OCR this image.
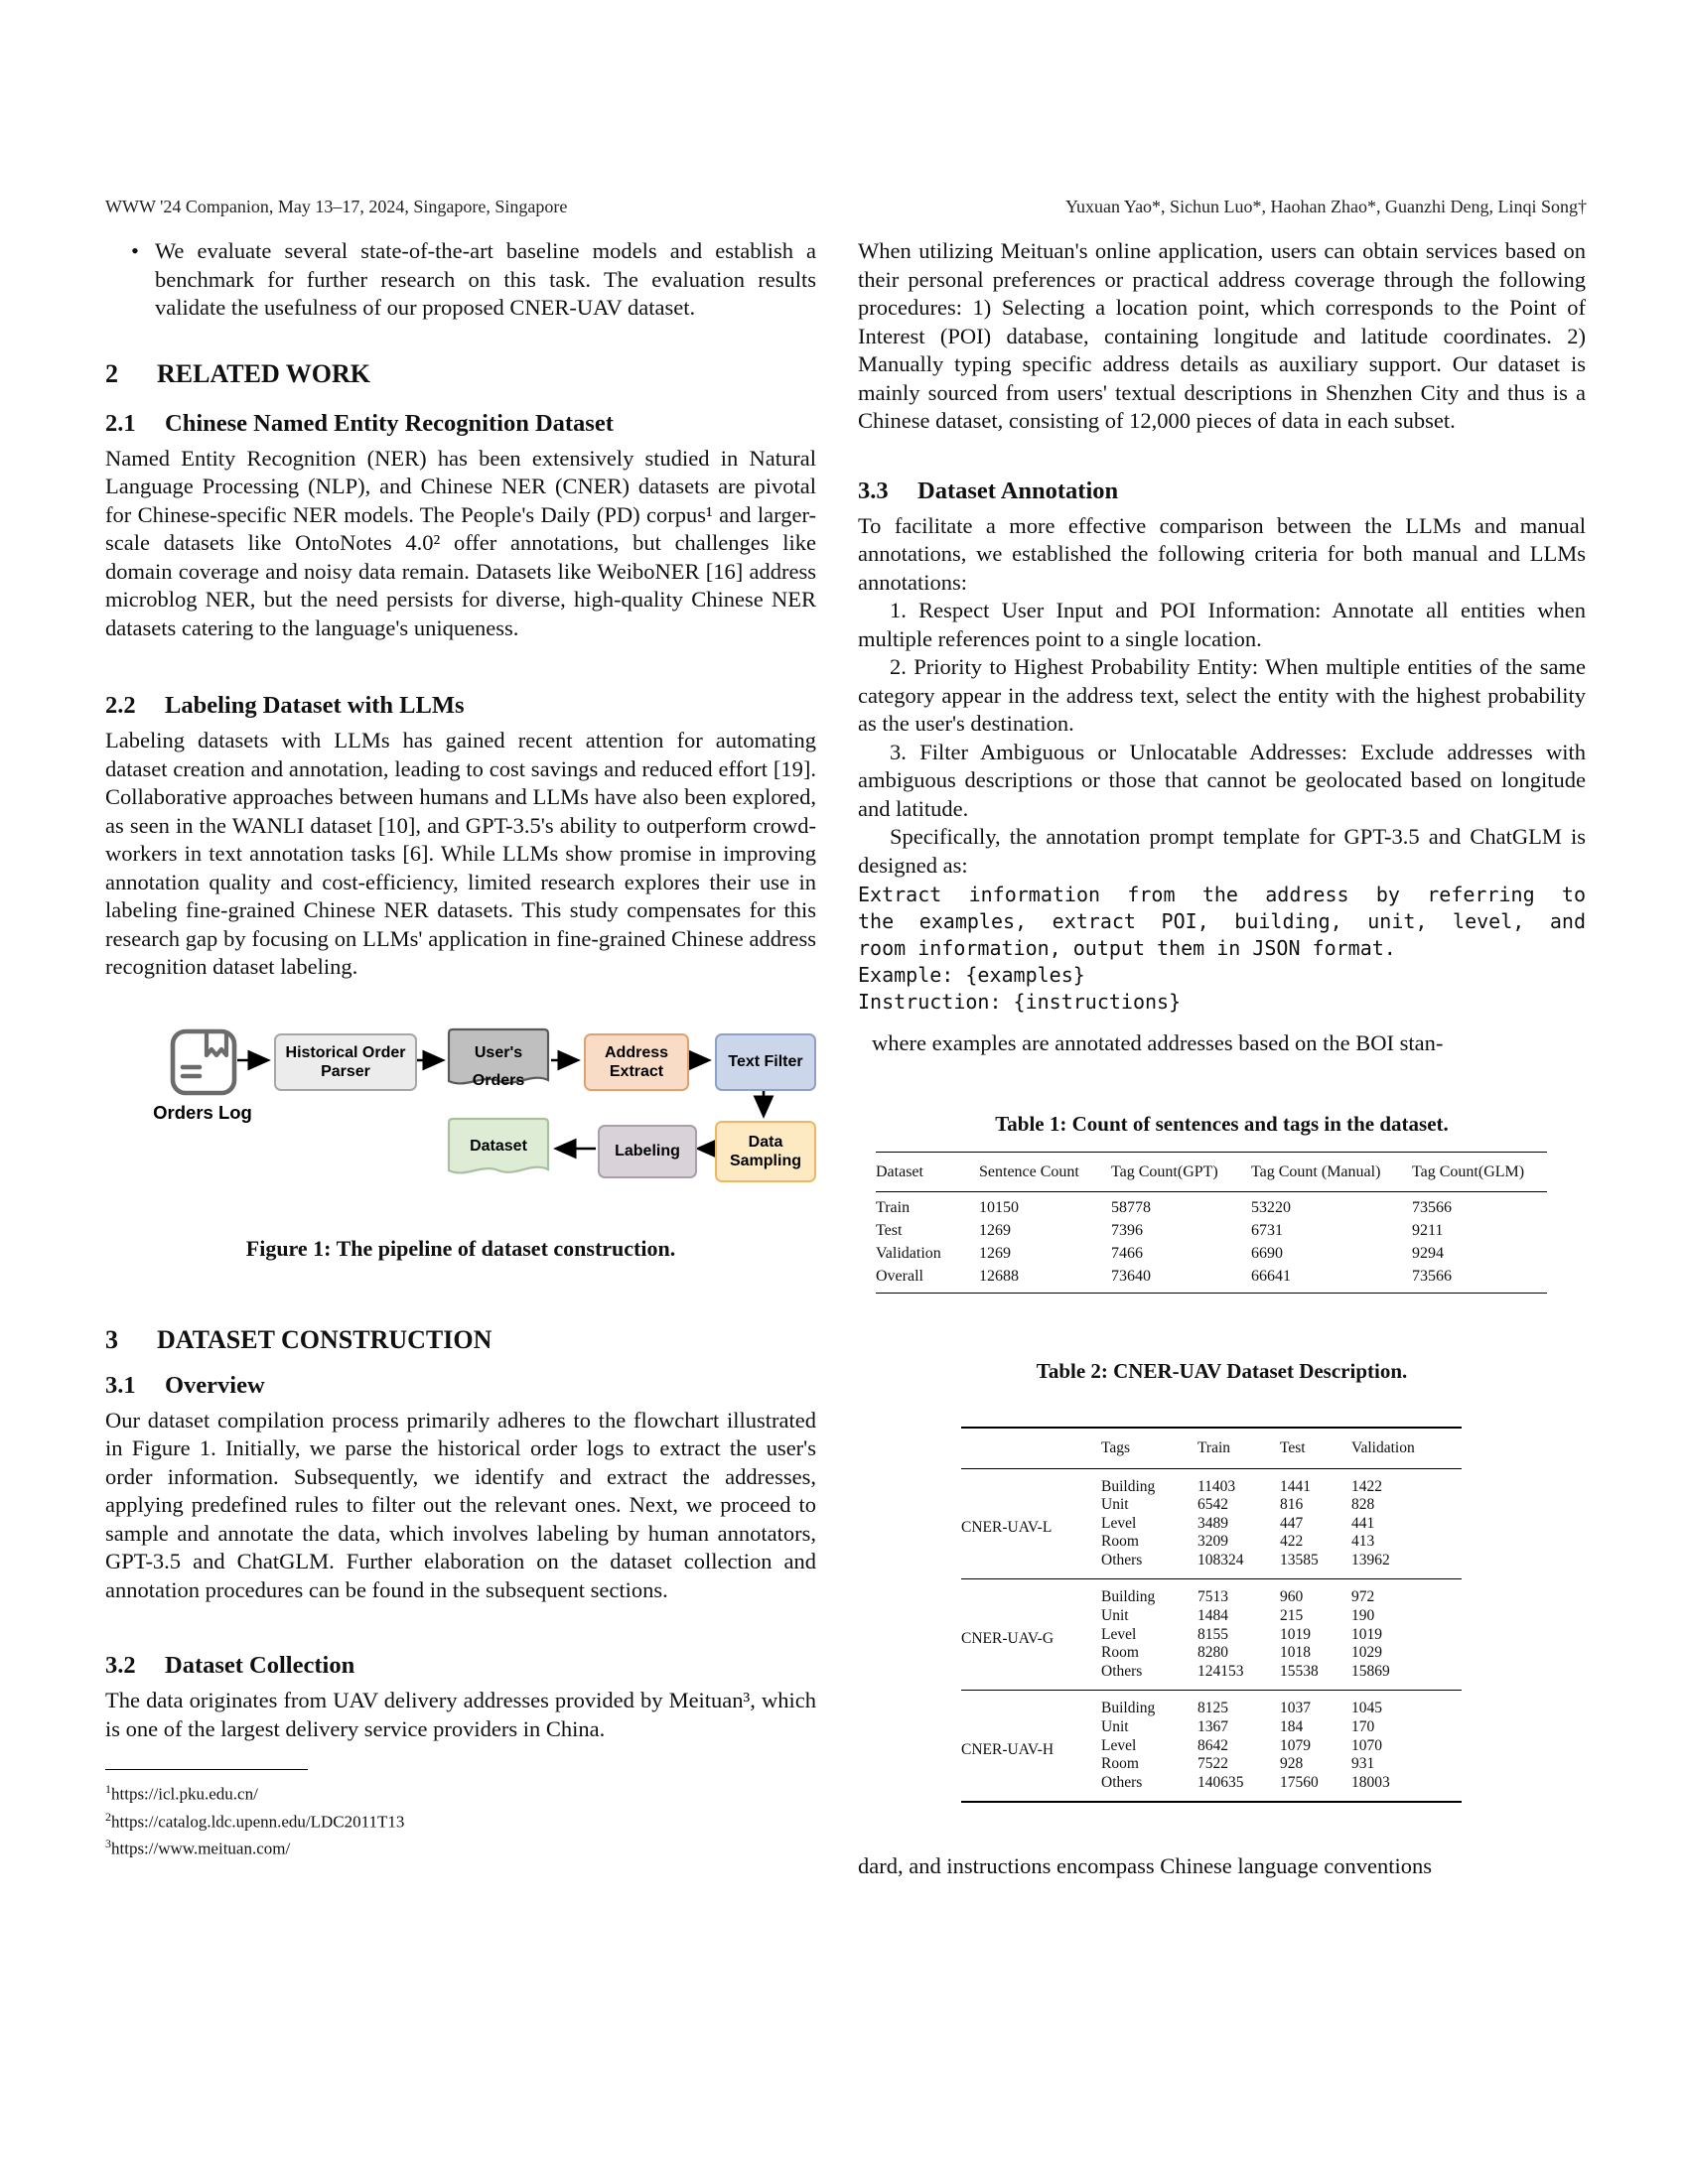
WWW '24 Companion, May 13–17, 2024, Singapore, Singapore	Yuxuan Yao*, Sichun Luo*, Haohan Zhao*, Guanzhi Deng, Linqi Song†
• We evaluate several state-of-the-art baseline models and establish a benchmark for further research on this task. The evaluation results validate the usefulness of our proposed CNER-UAV dataset.

2 RELATED WORK
2.1 Chinese Named Entity Recognition Dataset

Named Entity Recognition (NER) has been extensively studied in Natural Language Processing (NLP), and Chinese NER (CNER) datasets are pivotal for Chinese-specific NER models. The People's Daily (PD) corpus¹ and larger-scale datasets like OntoNotes 4.0² offer annotations, but challenges like domain coverage and noisy data remain. Datasets like WeiboNER [16] address microblog NER, but the need persists for diverse, high-quality Chinese NER datasets catering to the language's uniqueness.

2.2 Labeling Dataset with LLMs

Labeling datasets with LLMs has gained recent attention for automating dataset creation and annotation, leading to cost savings and reduced effort [19]. Collaborative approaches between humans and LLMs have also been explored, as seen in the WANLI dataset [10], and GPT-3.5's ability to outperform crowd-workers in text annotation tasks [6]. While LLMs show promise in improving annotation quality and cost-efficiency, limited research explores their use in labeling fine-grained Chinese NER datasets. This study compensates for this research gap by focusing on LLMs' application in fine-grained Chinese address recognition dataset labeling.

Orders Log
Historical Order Parser
User's Orders
Address Extract
Text Filter
Data Sampling
Labeling
Dataset

Figure 1: The pipeline of dataset construction.

3 DATASET CONSTRUCTION
3.1 Overview

Our dataset compilation process primarily adheres to the flowchart illustrated in Figure 1. Initially, we parse the historical order logs to extract the user's order information. Subsequently, we identify and extract the addresses, applying predefined rules to filter out the relevant ones. Next, we proceed to sample and annotate the data, which involves labeling by human annotators, GPT-3.5 and ChatGLM. Further elaboration on the dataset collection and annotation procedures can be found in the subsequent sections.

3.2 Dataset Collection

The data originates from UAV delivery addresses provided by Meituan³, which is one of the largest delivery service providers in China.

$^1$https://icl.pku.edu.cn/
$^2$https://catalog.ldc.upenn.edu/LDC2011T13
$^3$https://www.meituan.com/

When utilizing Meituan's online application, users can obtain services based on their personal preferences or practical address coverage through the following procedures: 1) Selecting a location point, which corresponds to the Point of Interest (POI) database, containing longitude and latitude coordinates. 2) Manually typing specific address details as auxiliary support. Our dataset is mainly sourced from users' textual descriptions in Shenzhen City and thus is a Chinese dataset, consisting of 12,000 pieces of data in each subset.

3.3 Dataset Annotation

To facilitate a more effective comparison between the LLMs and manual annotations, we established the following criteria for both manual and LLMs annotations:

1. Respect User Input and POI Information: Annotate all entities when multiple references point to a single location.

2. Priority to Highest Probability Entity: When multiple entities of the same category appear in the address text, select the entity with the highest probability as the user's destination.

3. Filter Ambiguous or Unlocatable Addresses: Exclude addresses with ambiguous descriptions or those that cannot be geolocated based on longitude and latitude.

Specifically, the annotation prompt template for GPT-3.5 and ChatGLM is designed as:

Extract information from the address by referring to
the examples, extract POI, building, unit, level, and
room information, output them in JSON format.
Example: {examples}
Instruction: {instructions}

where examples are annotated addresses based on the BOI stan-

Table 1: Count of sentences and tags in the dataset.

Dataset	Sentence Count	Tag Count(GPT)	Tag Count (Manual)	Tag Count(GLM)
Train	10150	58778	53220	73566
Test	1269	7396	6731	9211
Validation	1269	7466	6690	9294
Overall	12688	73640	66641	73566

Table 2: CNER-UAV Dataset Description.

	Tags	Train	Test	Validation
CNER-UAV-L	Building	11403	1441	1422
	Unit	6542	816	828
	Level	3489	447	441
	Room	3209	422	413
	Others	108324	13585	13962
CNER-UAV-G	Building	7513	960	972
	Unit	1484	215	190
	Level	8155	1019	1019
	Room	8280	1018	1029
	Others	124153	15538	15869
CNER-UAV-H	Building	8125	1037	1045
	Unit	1367	184	170
	Level	8642	1079	1070
	Room	7522	928	931
	Others	140635	17560	18003

dard, and instructions encompass Chinese language conventions
